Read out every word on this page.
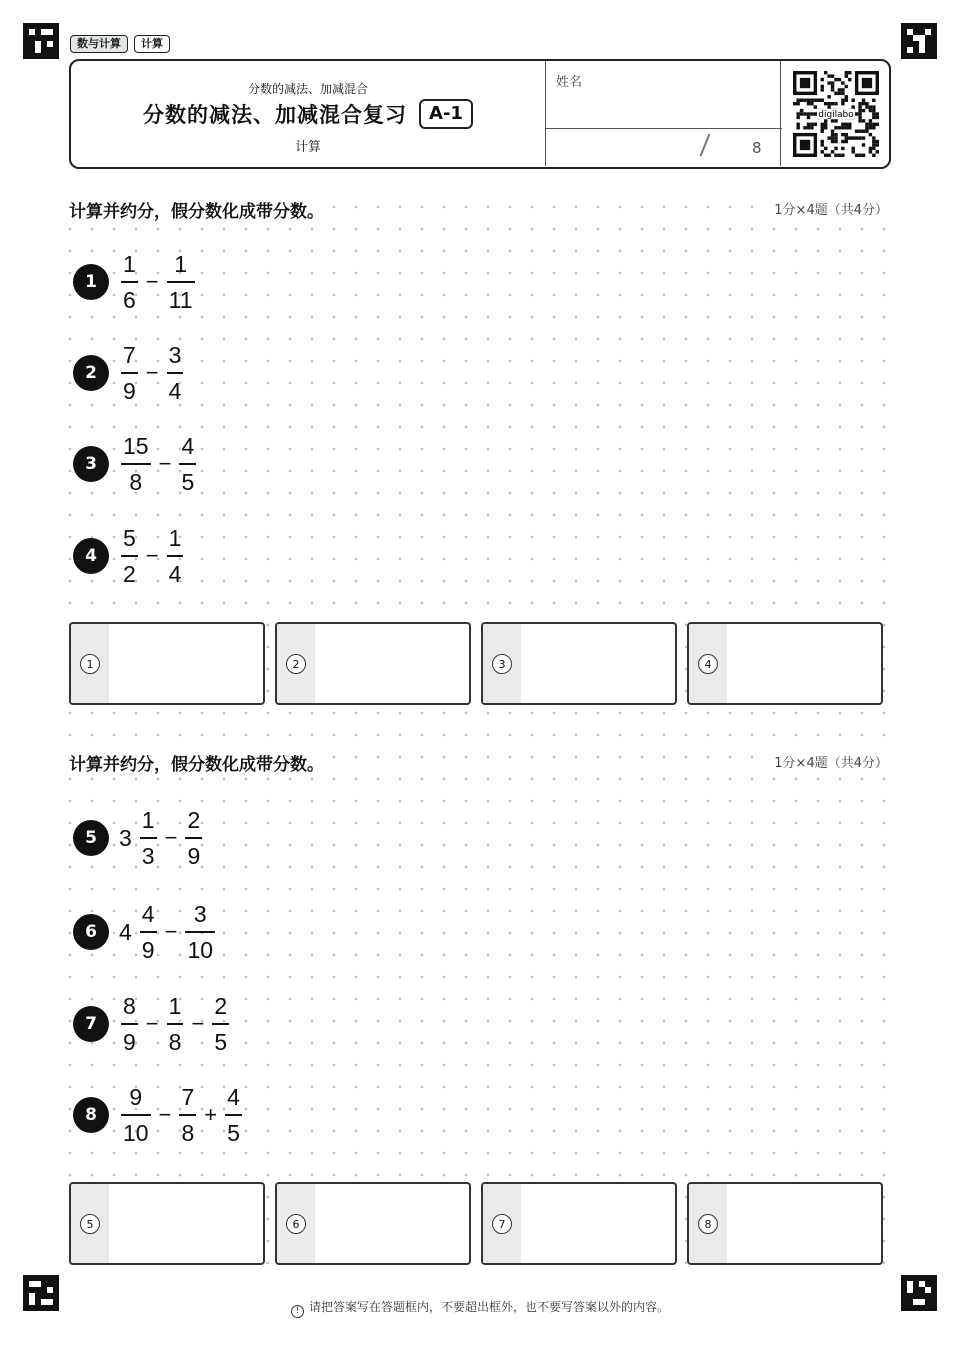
数与计算	计算
分数的减法、加减混合
分数的减法、加减混合复习	A-1
计算
姓名
8
digilabo
计算并约分，假分数化成带分数。	1分×4题（共4分）
$1 \frac{1}{6} - \frac{1}{11}$
$2 \frac{7}{9} - \frac{3}{4}$
$3 \frac{15}{8} - \frac{4}{5}$
$4 \frac{5}{2} - \frac{1}{4}$
1	2	3	4
计算并约分，假分数化成带分数。	1分×4题（共4分）
5 $3 \frac{1}{3} - \frac{2}{9}$
6 $4 \frac{4}{9} - \frac{3}{10}$
$7 \frac{8}{9} - \frac{1}{8} - \frac{2}{5}$
$8 \frac{9}{10} - \frac{7}{8} + \frac{4}{5}$
5	6	7	8
! 请把答案写在答题框内，不要超出框外，也不要写答案以外的内容。
